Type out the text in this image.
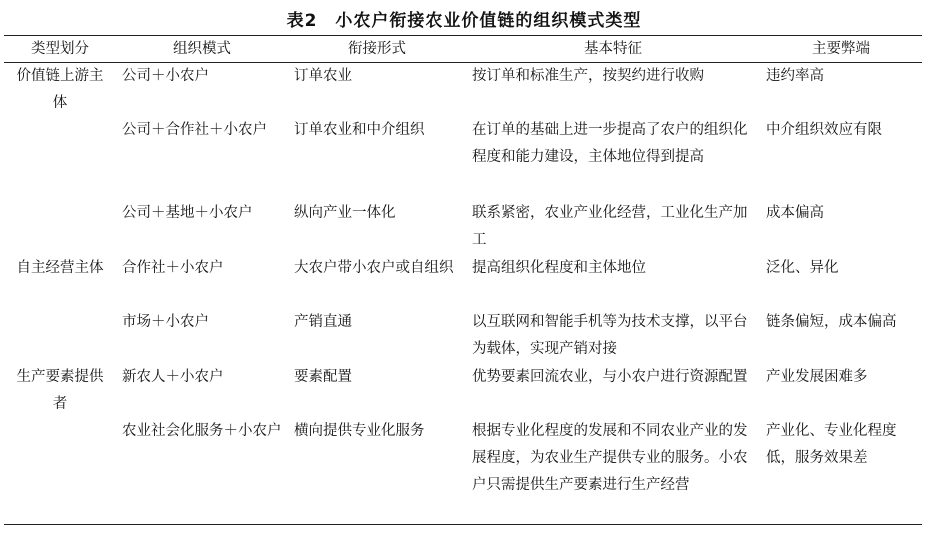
表2　小农户衔接农业价值链的组织模式类型
类型划分	组织模式	衔接形式	基本特征	主要弊端
价值链上游主体	公司＋小农户	订单农业	按订单和标准生产，按契约进行收购	违约率高
	公司＋合作社＋小农户	订单农业和中介组织	在订单的基础上进一步提高了农户的组织化程度和能力建设，主体地位得到提高	中介组织效应有限
	公司＋基地＋小农户	纵向产业一体化	联系紧密，农业产业化经营，工业化生产加工	成本偏高
自主经营主体	合作社＋小农户	大农户带小农户或自组织	提高组织化程度和主体地位	泛化、异化
	市场＋小农户	产销直通	以互联网和智能手机等为技术支撑，以平台为载体，实现产销对接	链条偏短，成本偏高
生产要素提供者	新农人＋小农户	要素配置	优势要素回流农业，与小农户进行资源配置	产业发展困难多
	农业社会化服务＋小农户	横向提供专业化服务	根据专业化程度的发展和不同农业产业的发展程度，为农业生产提供专业的服务。小农户只需提供生产要素进行生产经营	产业化、专业化程度低，服务效果差
